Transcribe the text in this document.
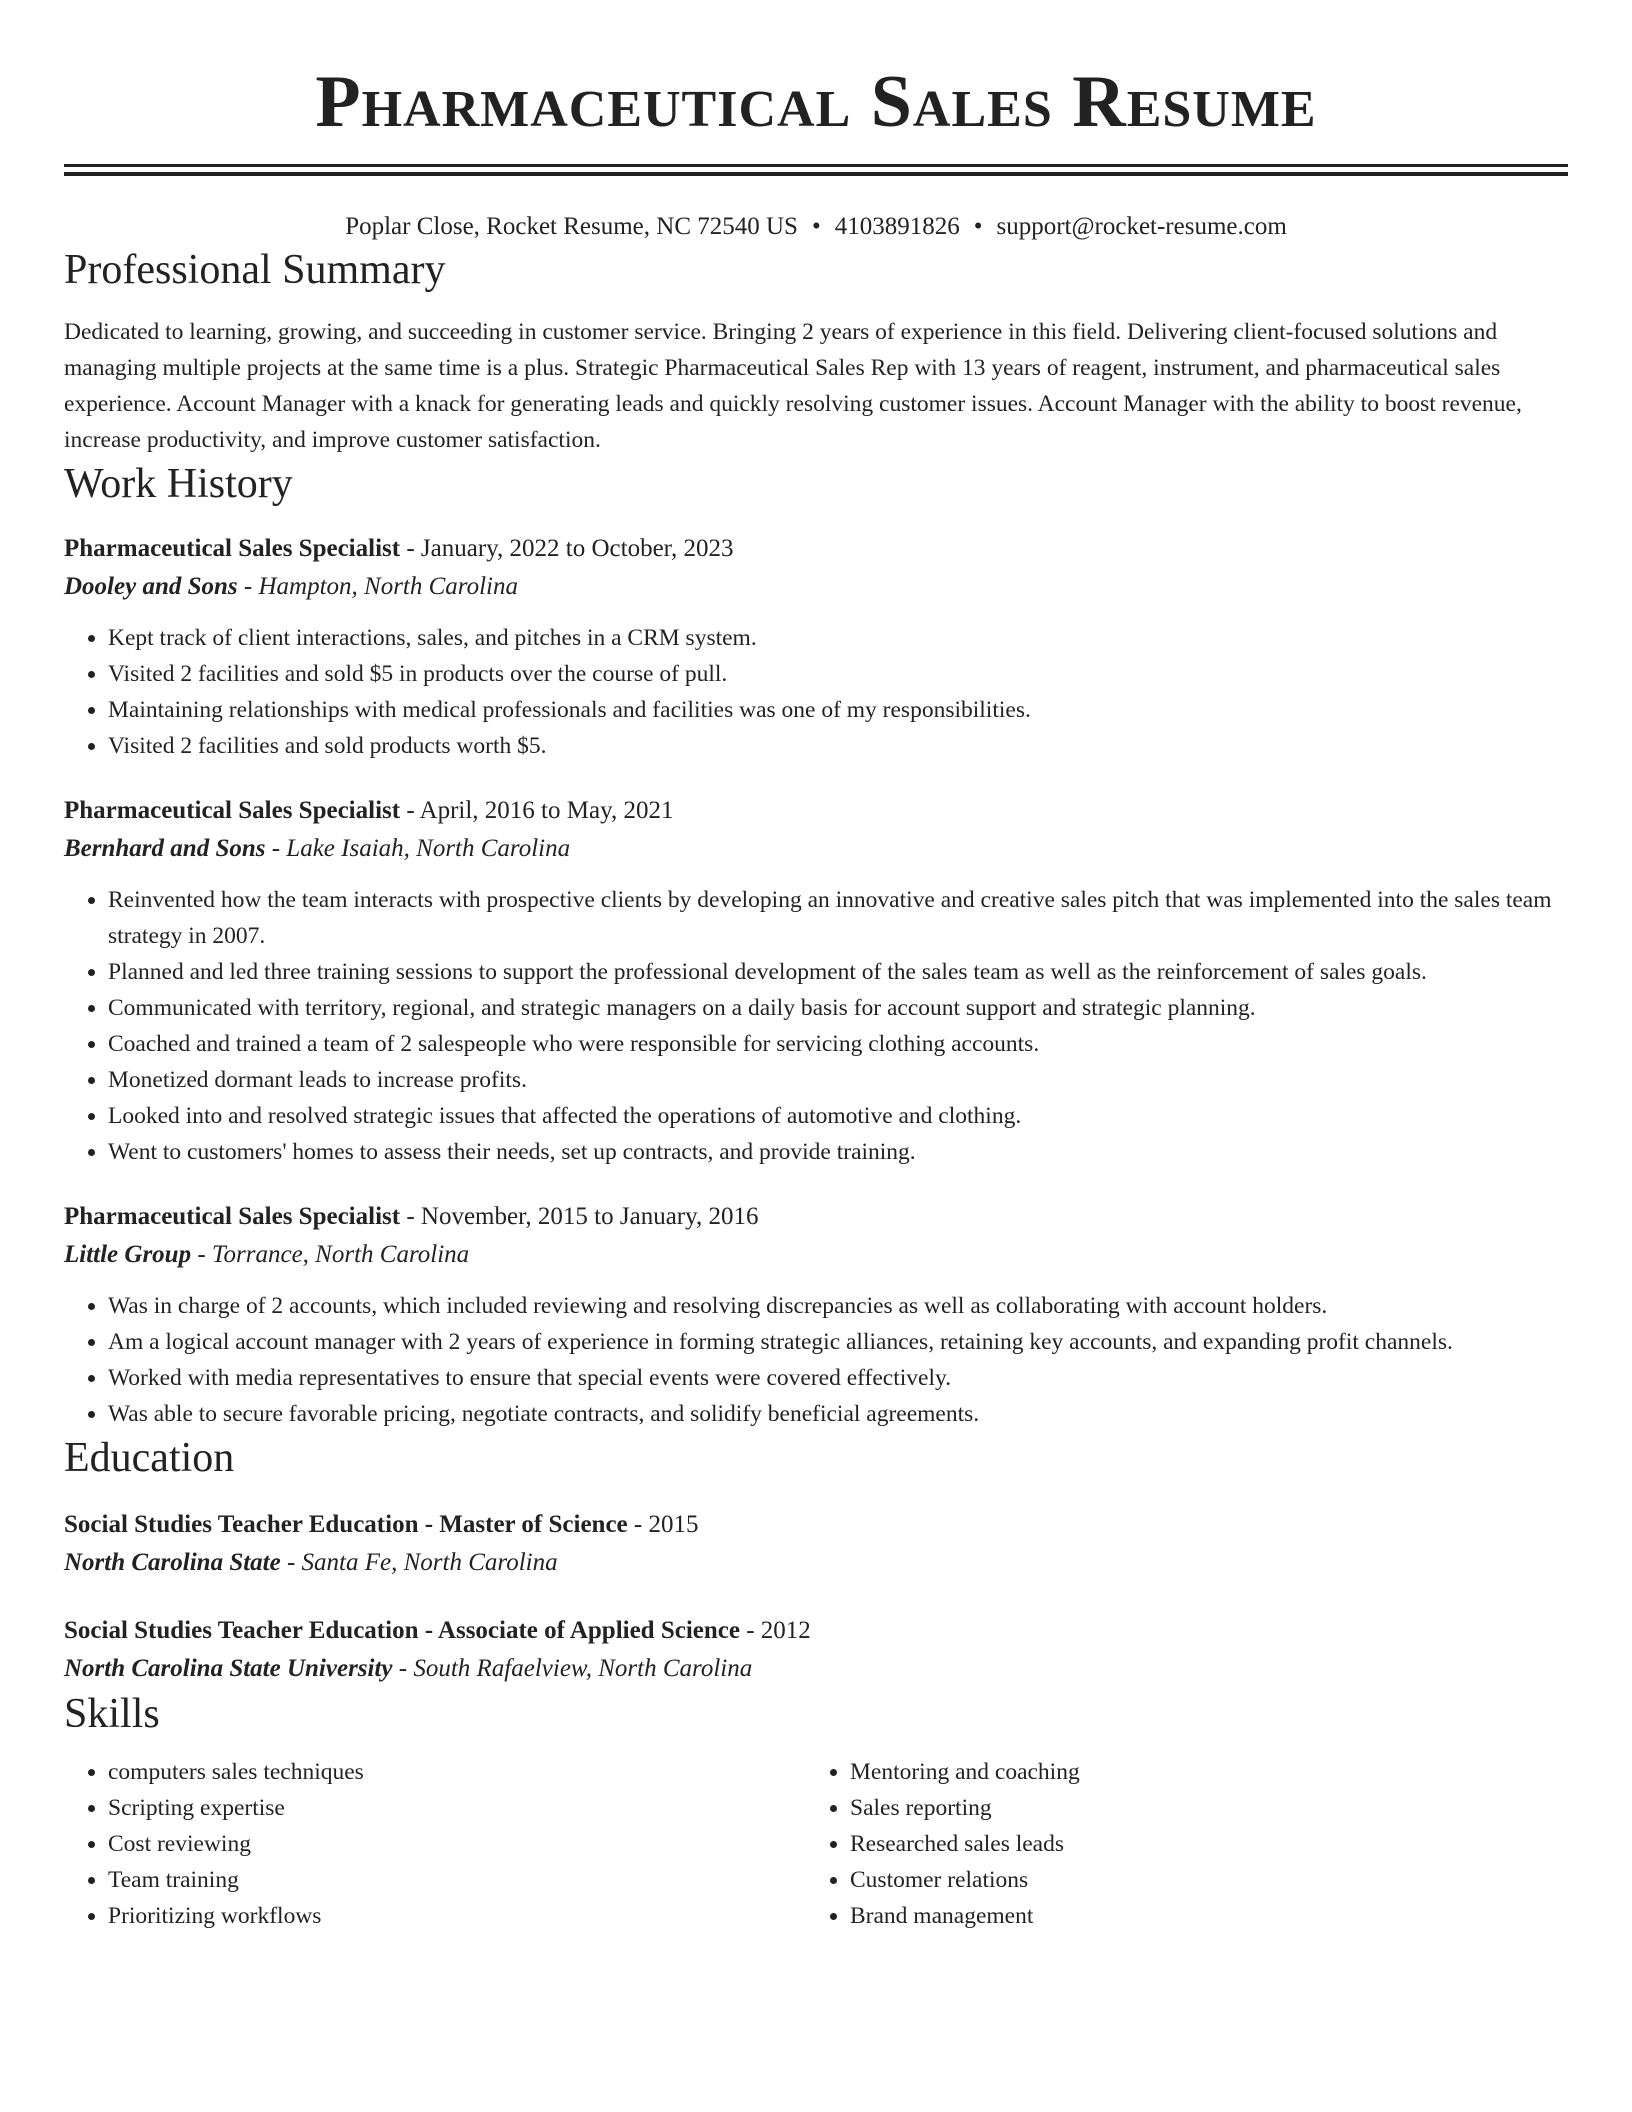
Pharmaceutical Sales Resume
Poplar Close, Rocket Resume, NC 72540 US • 4103891826 • support@rocket-resume.com
Professional Summary

Dedicated to learning, growing, and succeeding in customer service. Bringing 2 years of experience in this field. Delivering client-focused solutions and managing multiple projects at the same time is a plus. Strategic Pharmaceutical Sales Rep with 13 years of reagent, instrument, and pharmaceutical sales experience. Account Manager with a knack for generating leads and quickly resolving customer issues. Account Manager with the ability to boost revenue, increase productivity, and improve customer satisfaction.

Work History
Pharmaceutical Sales Specialist - January, 2022 to October, 2023
Dooley and Sons - Hampton, North Carolina
• Kept track of client interactions, sales, and pitches in a CRM system.
• Visited 2 facilities and sold $5 in products over the course of pull.
• Maintaining relationships with medical professionals and facilities was one of my responsibilities.
• Visited 2 facilities and sold products worth $5.
Pharmaceutical Sales Specialist - April, 2016 to May, 2021
Bernhard and Sons - Lake Isaiah, North Carolina
• Reinvented how the team interacts with prospective clients by developing an innovative and creative sales pitch that was implemented into the sales team strategy in 2007.
• Planned and led three training sessions to support the professional development of the sales team as well as the reinforcement of sales goals.
• Communicated with territory, regional, and strategic managers on a daily basis for account support and strategic planning.
• Coached and trained a team of 2 salespeople who were responsible for servicing clothing accounts.
• Monetized dormant leads to increase profits.
• Looked into and resolved strategic issues that affected the operations of automotive and clothing.
• Went to customers' homes to assess their needs, set up contracts, and provide training.
Pharmaceutical Sales Specialist - November, 2015 to January, 2016
Little Group - Torrance, North Carolina
• Was in charge of 2 accounts, which included reviewing and resolving discrepancies as well as collaborating with account holders.
• Am a logical account manager with 2 years of experience in forming strategic alliances, retaining key accounts, and expanding profit channels.
• Worked with media representatives to ensure that special events were covered effectively.
• Was able to secure favorable pricing, negotiate contracts, and solidify beneficial agreements.
Education
Social Studies Teacher Education - Master of Science - 2015
North Carolina State - Santa Fe, North Carolina
Social Studies Teacher Education - Associate of Applied Science - 2012
North Carolina State University - South Rafaelview, North Carolina
Skills
• computers sales techniques
• Scripting expertise
• Cost reviewing
• Team training
• Prioritizing workflows
• Mentoring and coaching
• Sales reporting
• Researched sales leads
• Customer relations
• Brand management
